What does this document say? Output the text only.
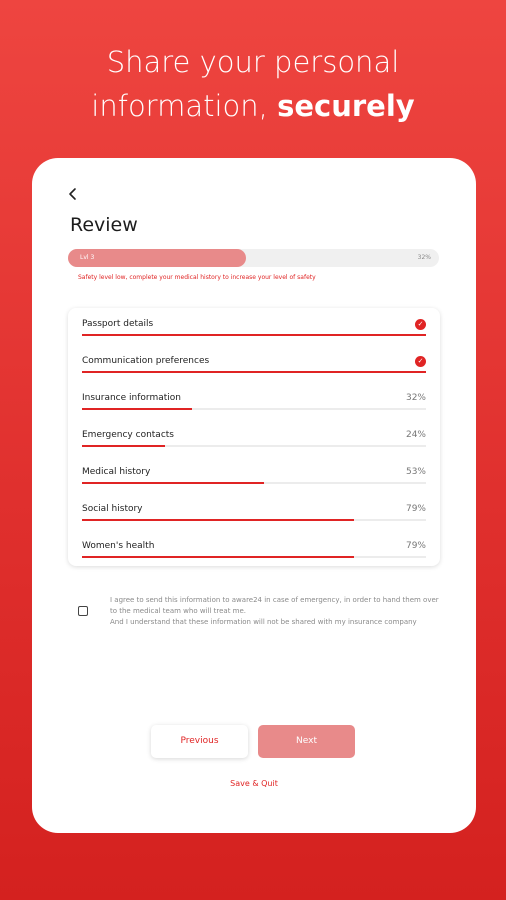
Share your personal
information, securely
Review
Lvl 3	32%
Safety level low, complete your medical history to increase your level of safety
Passport details	✓
Communication preferences	✓
Insurance information	32%
Emergency contacts	24%
Medical history	53%
Social history	79%
Women's health	79%

I agree to send this information to aware24 in case of emergency, in order to hand them over to the medical team who will treat me.

And I understand that these information will not be shared with my insurance company

Previous	Next
Save & Quit
